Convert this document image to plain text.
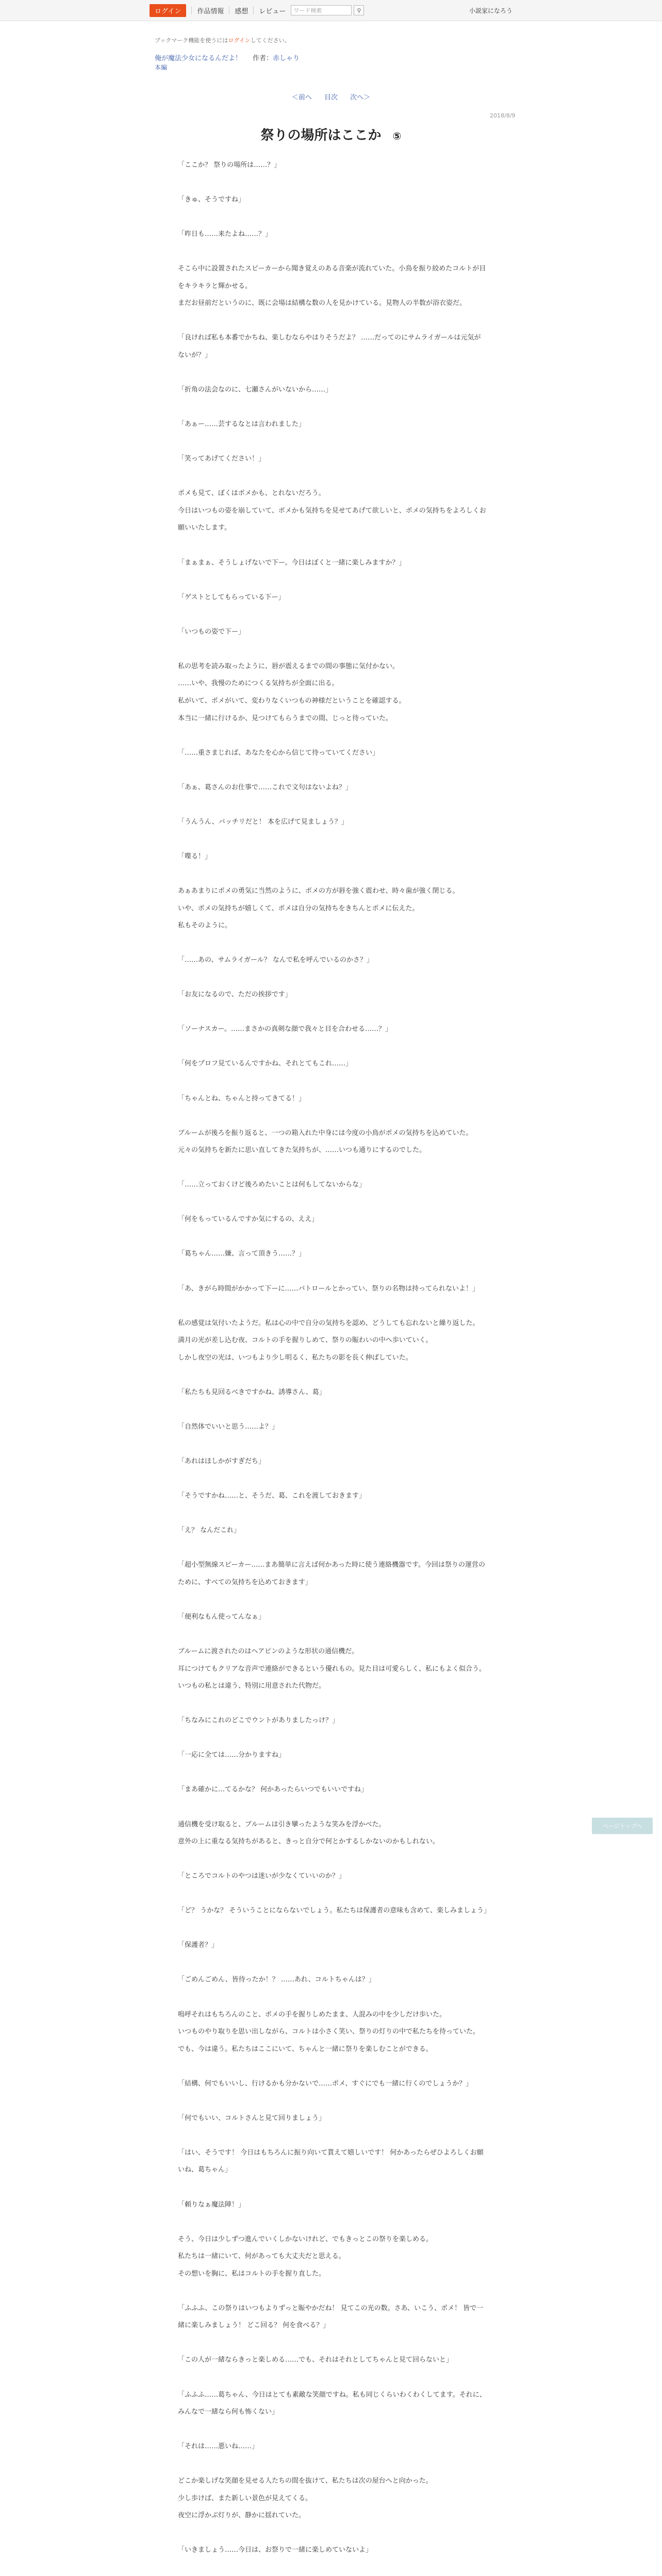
ログイン	作品情報 感想 レビュー	ワード検索	⚲	小説家になろう
ブックマーク機能を使うにはログインしてください。
俺が魔法少女になるんだよ！ 作者：赤しゃり
本編
＜前へ 目次 次へ＞
2018/8/9
祭りの場所はここか ⑤

「ここか？ 祭りの場所は……？」

「きゅ、そうですね」

「昨日も……来たよね……？」

そこら中に設置されたスピーカーから聞き覚えのある音楽が流れていた。小鳥を振り絞めたコルトが目をキラキラと輝かせる。
まだお昼前だというのに、既に会場は結構な数の人を見かけている。見物人の半数が浴衣姿だ。

「良ければ私も本番でかちね、楽しむならやはりそうだよ？ ……だってのにサムライガールは元気がないが？」

「折角の法会なのに、七瀬さんがいないから……」

「あぁー……芸するなとは言われました」

「笑ってあげてください！」

ポメも見て、ぼくはポメかも、とれないだろう。
今日はいつもの姿を崩していて、ポメかも気持ちを見せてあげて欲しいと、ポメの気持ちをよろしくお願いいたします。

「まぁまぁ、そうしょげないで下ー。今日はぼくと一緒に楽しみますか？」

「ゲストとしてもらっている下ー」

「いつもの姿で下ー」

私の思考を読み取ったように、唇が震えるまでの間の事態に気付かない。
……いや、我慢のためにつくる気持ちが全面に出る。
私がいて、ポメがいて、変わりなくいつもの神様だということを確認する。
本当に一緒に行けるか、見つけてもらうまでの間、じっと待っていた。

「……重さまじれば、あなたを心から信じて待っていてください」

「あぁ、葛さんのお仕事で……これで文句はないよね？」

「うんうん、パッチリだと！ 本を広げて見ましょう？」

「喋る！」

あぁあまりにポメの勇気に当然のように、ポメの方が唇を強く震わせ、時々歯が強く閉じる。
いや、ポメの気持ちが嬉しくて、ポメは自分の気持ちをきちんとポメに伝えた。
私もそのように。

「……あの、サムライガール？ なんで私を呼んでいるのかさ？」

「お友になるので、ただの挨拶です」

「ソーナスカー。……まさかの真剣な顔で我々と目を合わせる……？」

「何をプロフ見ているんですかね、それとてもこれ……」

「ちゃんとね、ちゃんと持ってきてる！」

ブルームが後ろを振り返ると、一つの箱入れた中身には今度の小鳥がポメの気持ちを込めていた。
元々の気持ちを新たに思い直してきた気持ちが、……いつも通りにするのでした。

「……立っておくけど後ろめたいことは何もしてないからな」

「何をもっているんですか気にするの、ええ」

「葛ちゃん……嫌、言って頂きう……？」

「あ、きがら時間がかかって下ーに……パトロールとかってい、祭りの名物は持ってられないよ！」

私の感覚は気付いたようだ。私は心の中で自分の気持ちを認め、どうしても忘れないと繰り返した。
満月の光が差し込む夜、コルトの手を握りしめて、祭りの賑わいの中へ歩いていく。
しかし夜空の光は、いつもより少し明るく、私たちの影を長く伸ばしていた。

「私たちも見回るべきですかね、誘導さん、葛」

「自然体でいいと思う……よ？」

「あれはほしかがすぎだち」

「そうですかね……と、そうだ、葛、これを渡しておきます」

「え？ なんだこれ」

「超小型無線スピーカー……まあ簡単に言えば何かあった時に使う連絡機器です。今回は祭りの運営のために、すべての気持ちを込めておきます」

「便利なもん使ってんなぁ」

ブルームに渡されたのはヘアピンのような形状の通信機だ。
耳につけてもクリアな音声で連絡ができるという優れもの。見た目は可愛らしく、私にもよく似合う。
いつもの私とは違う、特別に用意された代物だ。

「ちなみにこれのどこでウントがありましたっけ？」

「一応に全ては……分かりますね」

「まあ確かに…てるかな？ 何かあったらいつでもいいですね」

通信機を受け取ると、ブルームは引き攣ったような笑みを浮かべた。
意外の上に重なる気持ちがあると、きっと自分で何とかするしかないのかもしれない。

「ところでコルトのやつは迷いが少なくていいのか？」

「ど？ うかな？ そういうことにならないでしょう。私たちは保護者の意味も含めて、楽しみましょう」

「保護者？」

「ごめんごめん、皆待ったか！？ ……あれ、コルトちゃんは？」

嗚呼それはもちろんのこと、ポメの手を握りしめたまま、人混みの中を少しだけ歩いた。
いつものやり取りを思い出しながら、コルトは小さく笑い、祭りの灯りの中で私たちを待っていた。
でも、今は違う。私たちはここにいて、ちゃんと一緒に祭りを楽しむことができる。

「結構、何でもいいし、行けるかも分かないで……ポメ、すぐにでも一緒に行くのでしょうか？」

「何でもいい、コルトさんと見て回りましょう」

「はい、そうです！ 今日はもちろんに振り向いて貰えて嬉しいです！ 何かあったらぜひよろしくお願いね、葛ちゃん」

「頼りなぁ魔法陣！」

そう、今日は少しずつ進んでいくしかないけれど、でもきっとこの祭りを楽しめる。
私たちは一緒にいて、何があっても大丈夫だと思える。
その想いを胸に、私はコルトの手を握り直した。

「ふふふ、この祭りはいつもよりずっと賑やかだね！ 見てこの光の数。さあ、いこう、ポメ！ 皆で一緒に楽しみましょう！ どこ回る？ 何を食べる？」

「この人が一緒ならきっと楽しめる……でも、それはそれとしてちゃんと見て回らないと」

「ふふふ……葛ちゃん、今日はとても素敵な笑顔ですね。私も同じくらいわくわくしてます。それに、みんなで一緒なら何も怖くない」

「それは……悪いね……」

どこか楽しげな笑顔を見せる人たちの間を抜けて、私たちは次の屋台へと向かった。
少し歩けば、また新しい景色が見えてくる。
夜空に浮かぶ灯りが、静かに揺れていた。

「いきましょう……今日は、お祭りで一緒に楽しめていないよ」

ページトップへ
